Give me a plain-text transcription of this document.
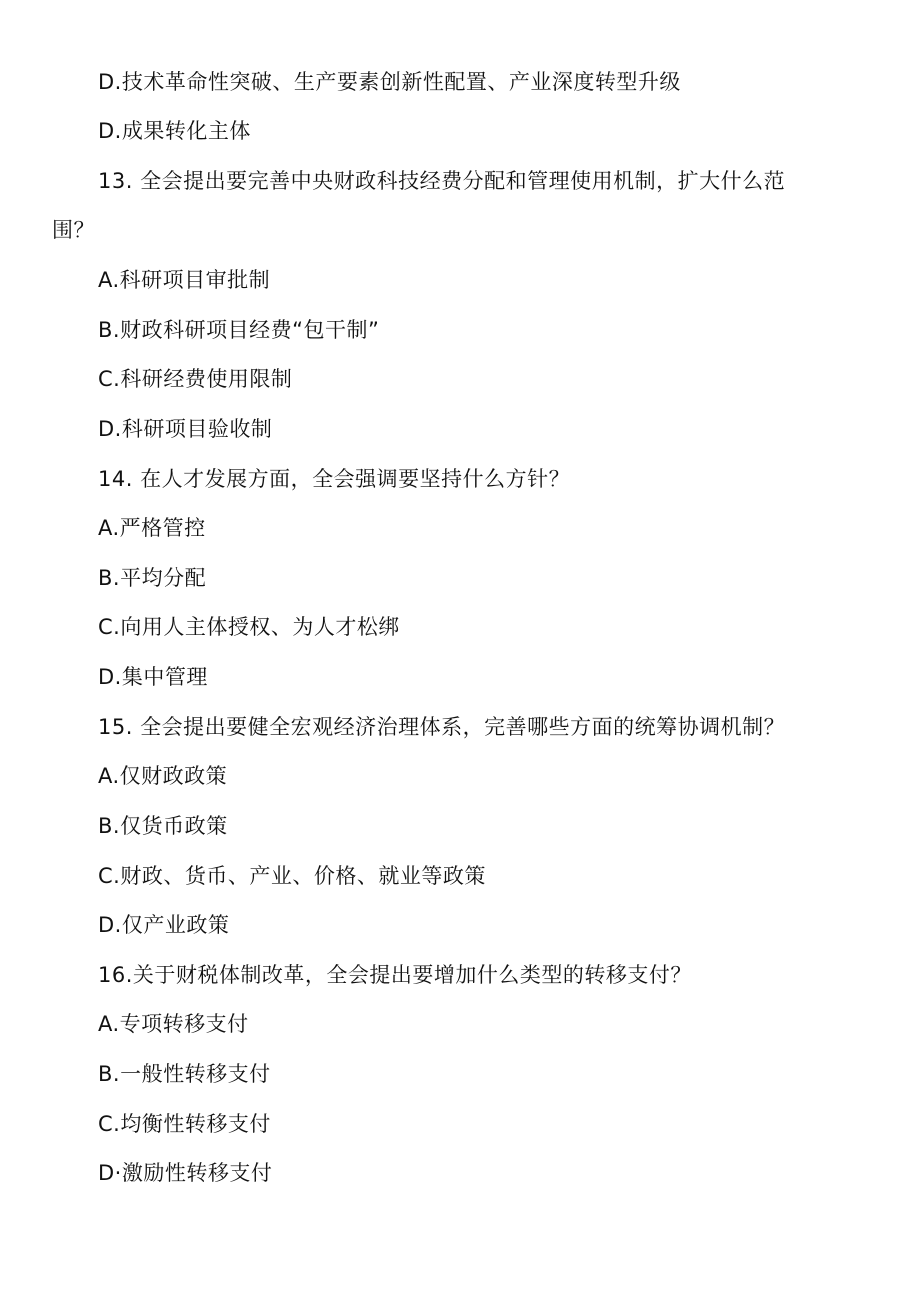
D.技术革命性突破、生产要素创新性配置、产业深度转型升级
D.成果转化主体
13. 全会提出要完善中央财政科技经费分配和管理使用机制，扩大什么范
围？
A.科研项目审批制
B.财政科研项目经费“包干制”
C.科研经费使用限制
D.科研项目验收制
14. 在人才发展方面，全会强调要坚持什么方针？
A.严格管控
B.平均分配
C.向用人主体授权、为人才松绑
D.集中管理
15. 全会提出要健全宏观经济治理体系，完善哪些方面的统筹协调机制？
A.仅财政政策
B.仅货币政策
C.财政、货币、产业、价格、就业等政策
D.仅产业政策
16.关于财税体制改革，全会提出要增加什么类型的转移支付？
A.专项转移支付
B.一般性转移支付
C.均衡性转移支付
D·激励性转移支付
